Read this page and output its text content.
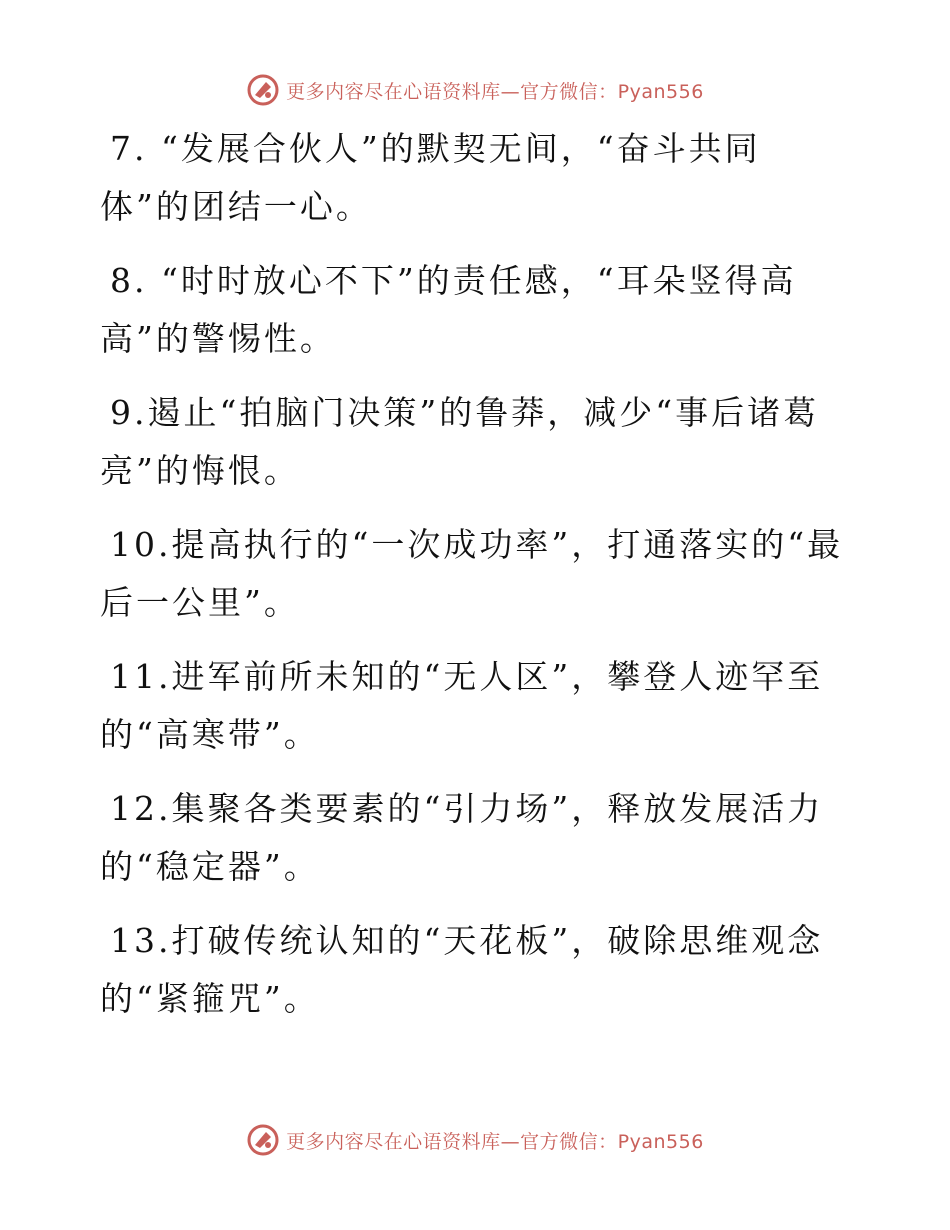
更多内容尽在心语资料库—官方微信：Pyan556
7. “发展合伙人”的默契无间，“奋斗共同
体”的团结一心。
8. “时时放心不下”的责任感，“耳朵竖得高
高”的警惕性。
9.遏止“拍脑门决策”的鲁莽，减少“事后诸葛
亮”的悔恨。
10.提高执行的“一次成功率”，打通落实的“最
后一公里”。
11.进军前所未知的“无人区”，攀登人迹罕至
的“高寒带”。
12.集聚各类要素的“引力场”，释放发展活力
的“稳定器”。
13.打破传统认知的“天花板”，破除思维观念
的“紧箍咒”。
更多内容尽在心语资料库—官方微信：Pyan556
